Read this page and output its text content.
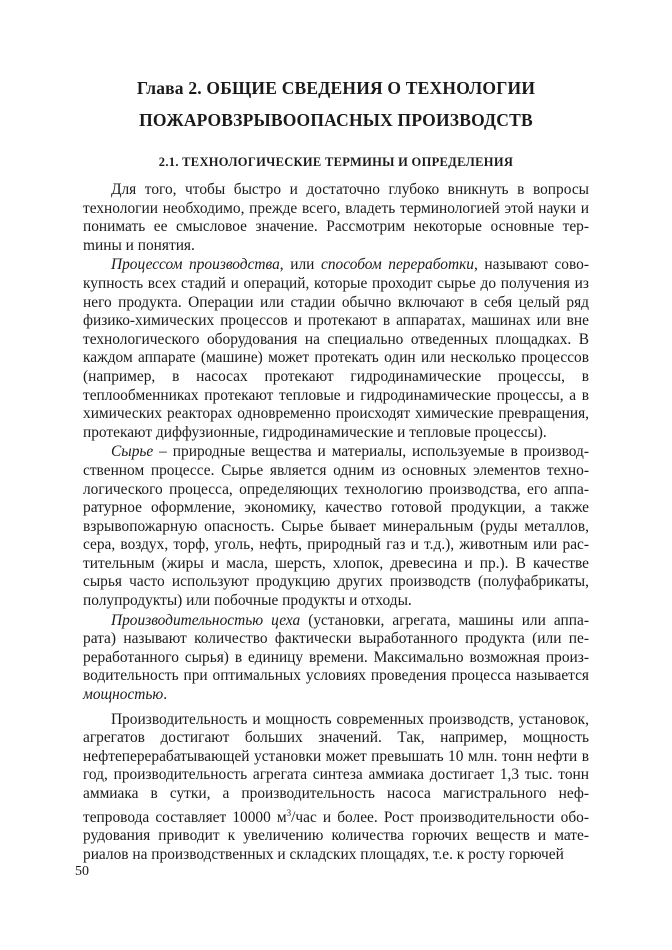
Глава 2. ОБЩИЕ СВЕДЕНИЯ О ТЕХНОЛОГИИ
ПОЖАРОВЗРЫВООПАСНЫХ ПРОИЗВОДСТВ
2.1. ТЕХНОЛОГИЧЕСКИЕ ТЕРМИНЫ И ОПРЕДЕЛЕНИЯ

Для того, чтобы быстро и достаточно глубоко вникнуть в вопросы технологии необходимо, прежде всего, владеть терминологией этой науки и понимать ее смысловое значение. Рассмотрим некоторые основные терmины и понятия.

Процессом производства, или способом переработки, называют совокупность всех стадий и операций, которые проходит сырье до получения из него продукта. Операции или стадии обычно включают в себя целый ряд физико-химических процессов и протекают в аппаратах, машинах или вне технологического оборудования на специально отведенных площадках. В каждом аппарате (машине) может протекать один или несколько процессов (например, в насосах протекают гидродинамические процессы, в теплообменниках протекают тепловые и гидродинамические процессы, а в химических реакторах одновременно происходят химические превращения, протекают диффузионные, гидродинамические и тепловые процессы).

Сырье – природные вещества и материалы, используемые в производственном процессе. Сырье является одним из основных элементов технологического процесса, определяющих технологию производства, его аппаратурное оформление, экономику, качество готовой продукции, а также взрывопожарную опасность. Сырье бывает минеральным (руды металлов, сера, воздух, торф, уголь, нефть, природный газ и т.д.), животным или растительным (жиры и масла, шерсть, хлопок, древесина и пр.). В качестве сырья часто используют продукцию других производств (полуфабрикаты, полупродукты) или побочные продукты и отходы.

Производительностью цеха (установки, агрегата, машины или аппарата) называют количество фактически выработанного продукта (или переработанного сырья) в единицу времени. Максимально возможная производительность при оптимальных условиях проведения процесса называется мощностью.

Производительность и мощность современных производств, установок, агрегатов достигают больших значений. Так, например, мощность нефтеперерабатывающей установки может превышать 10 млн. тонн нефти в год, производительность агрегата синтеза аммиака достигает 1,3 тыс. тонн аммиака в сутки, а производительность насоса магистрального нефтепровода составляет 10000 $м^3$/час и более. Рост производительности оборудования приводит к увеличению количества горючих веществ и материалов на производственных и складских площадях, т.е. к росту горючей

50
